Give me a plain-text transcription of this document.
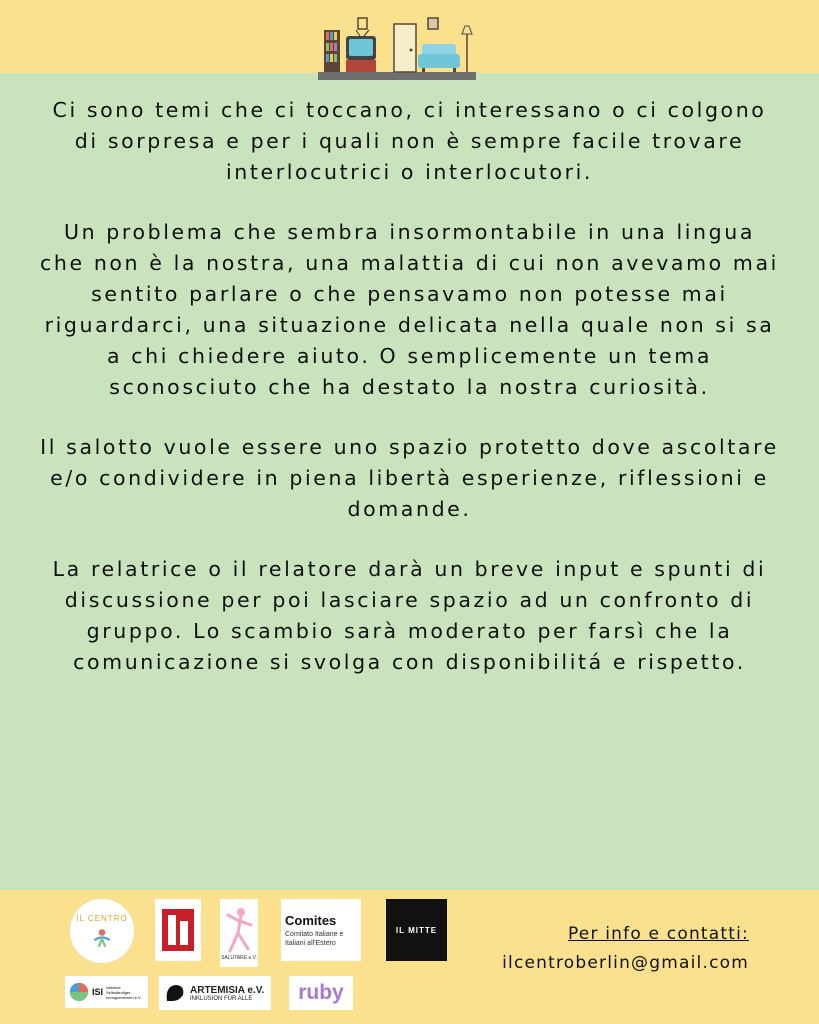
Ci sono temi che ci toccano, ci interessano o ci colgono di sorpresa e per i quali non è sempre facile trovare interlocutrici o interlocutori.

Un problema che sembra insormontabile in una lingua che non è la nostra, una malattia di cui non avevamo mai sentito parlare o che pensavamo non potesse mai riguardarci, una situazione delicata nella quale non si sa a chi chiedere aiuto. O semplicemente un tema sconosciuto che ha destato la nostra curiosità.

Il salotto vuole essere uno spazio protetto dove ascoltare e/o condividere in piena libertà esperienze, riflessioni e domande.

La relatrice o il relatore darà un breve input e spunti di discussione per poi lasciare spazio ad un confronto di gruppo. Lo scambio sarà moderato per farsì che la comunicazione si svolga con disponibilitá e rispetto.

IL CENTRO
SALUTARE e.V.
Comites
Comitato Italiane e Italiani all'Estero
IL MITTE
ISI Initiative Selbständiger Immigrantinnen e.V.
ARTEMISIA e.V.
INKLUSION FÜR ALLE	ruby
Per info e contatti:
ilcentroberlin@gmail.com
